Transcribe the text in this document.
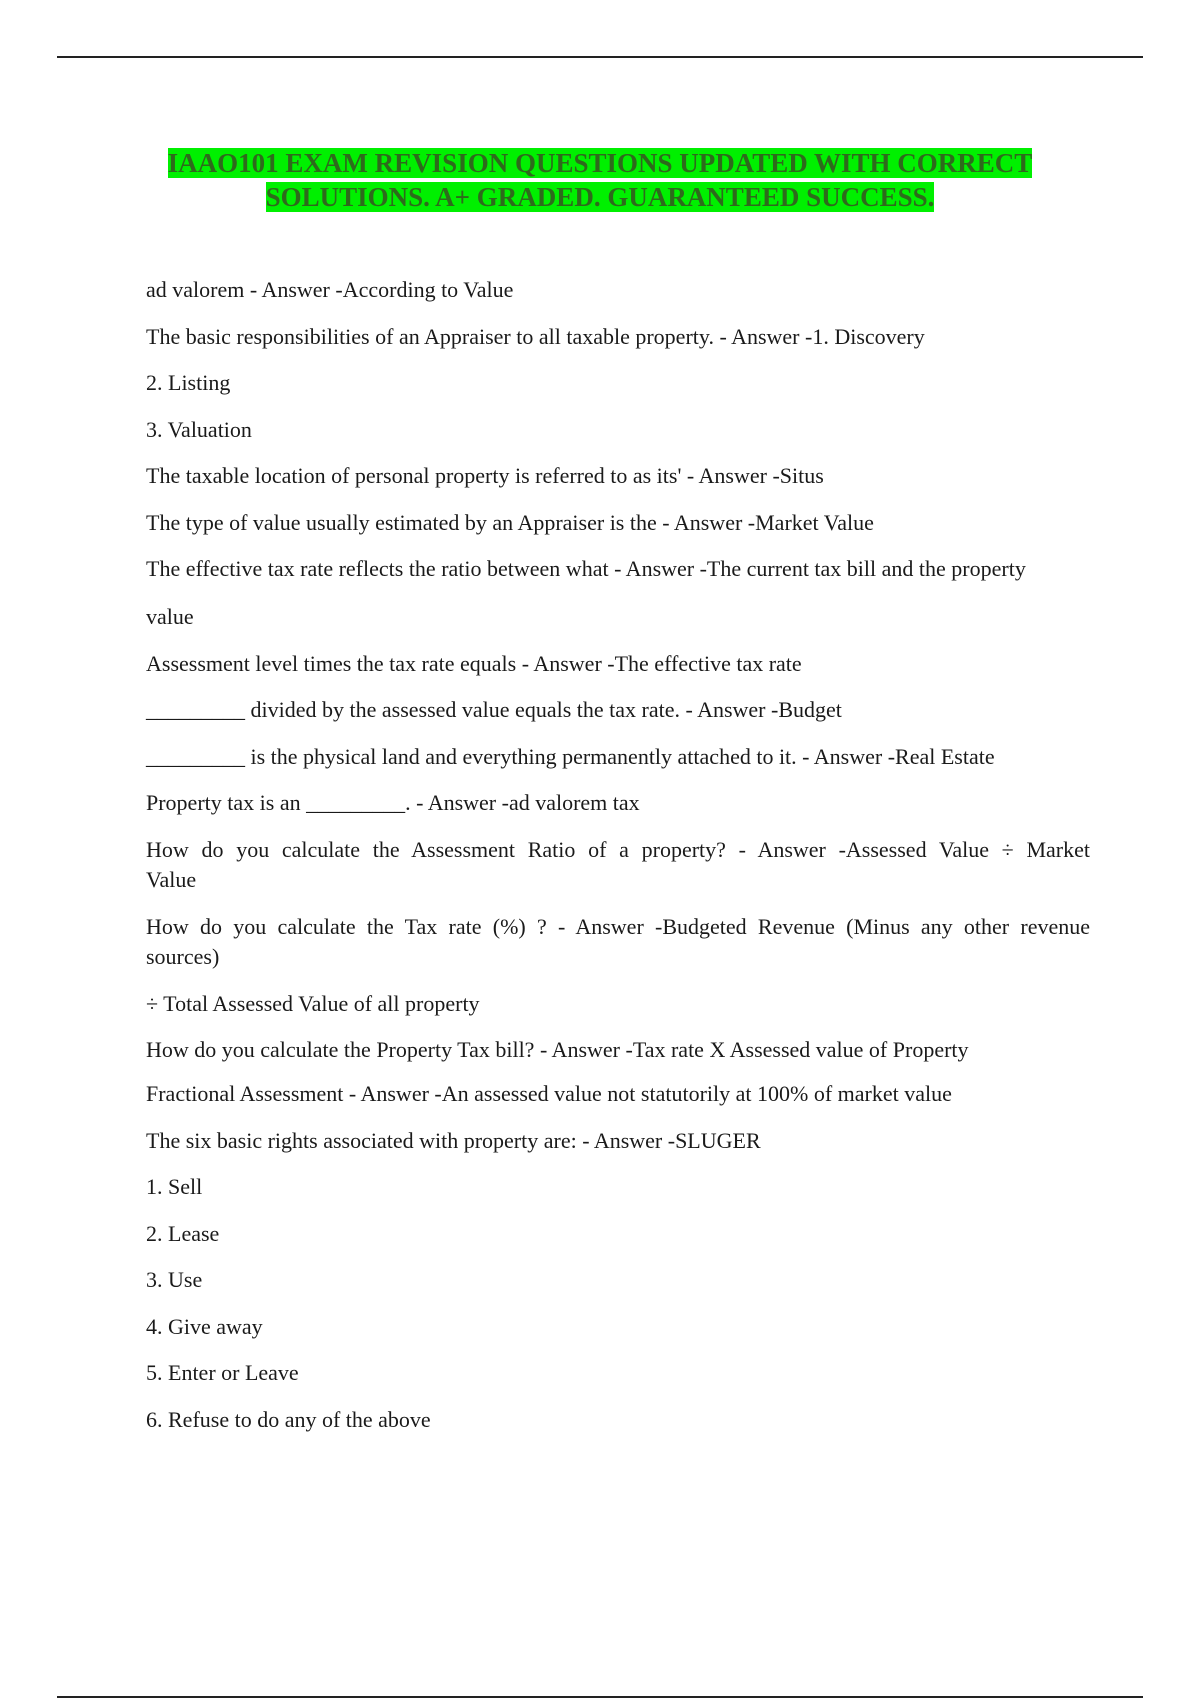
IAAO101 EXAM REVISION QUESTIONS UPDATED WITH CORRECT
SOLUTIONS. A+ GRADED. GUARANTEED SUCCESS.
ad valorem - Answer -According to Value
The basic responsibilities of an Appraiser to all taxable property. - Answer -1. Discovery
2. Listing
3. Valuation
The taxable location of personal property is referred to as its' - Answer -Situs
The type of value usually estimated by an Appraiser is the - Answer -Market Value
The effective tax rate reflects the ratio between what - Answer -The current tax bill and the property
value
Assessment level times the tax rate equals - Answer -The effective tax rate
_________ divided by the assessed value equals the tax rate. - Answer -Budget
_________ is the physical land and everything permanently attached to it. - Answer -Real Estate
Property tax is an _________. - Answer -ad valorem tax
How do you calculate the Assessment Ratio of a property? - Answer -Assessed Value ÷ Market
Value
How do you calculate the Tax rate (%) ? - Answer -Budgeted Revenue (Minus any other revenue
sources)
÷ Total Assessed Value of all property
How do you calculate the Property Tax bill? - Answer -Tax rate X Assessed value of Property
Fractional Assessment - Answer -An assessed value not statutorily at 100% of market value
The six basic rights associated with property are: - Answer -SLUGER
1. Sell
2. Lease
3. Use
4. Give away
5. Enter or Leave
6. Refuse to do any of the above
